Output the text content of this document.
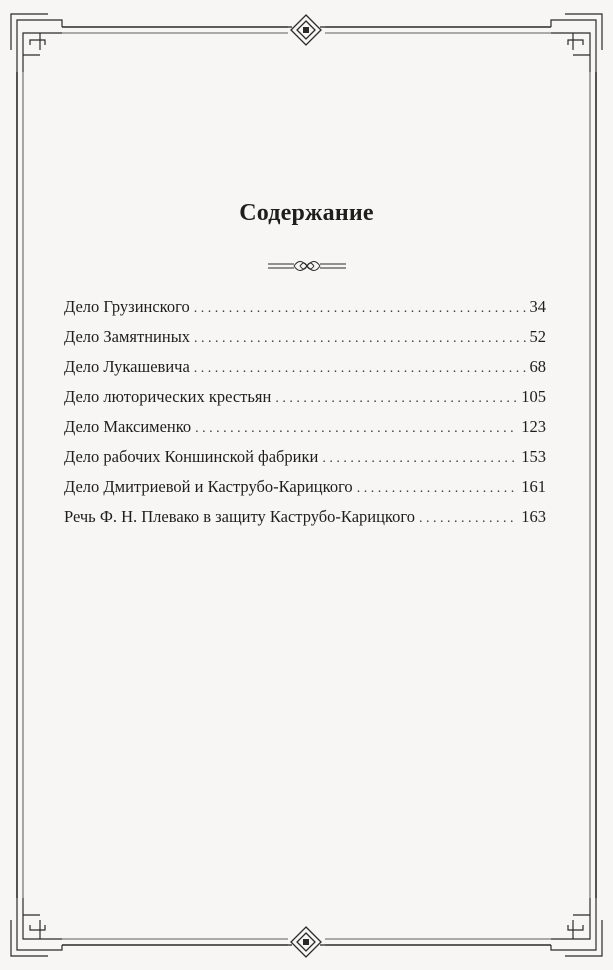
Содержание
Дело Грузинского . . .	34
Дело Замятниных . . .	52
Дело Лукашевича . . .	68
Дело лютoрических крестьян . . .	105
Дело Максименко . . .	123
Дело рабочих Коншинской фабрики . . .	153
Дело Дмитриевой и Каструбо-Карицкого . . .	161
Речь Ф. Н. Плевако в защиту Каструбо-Карицкого . . .	163
